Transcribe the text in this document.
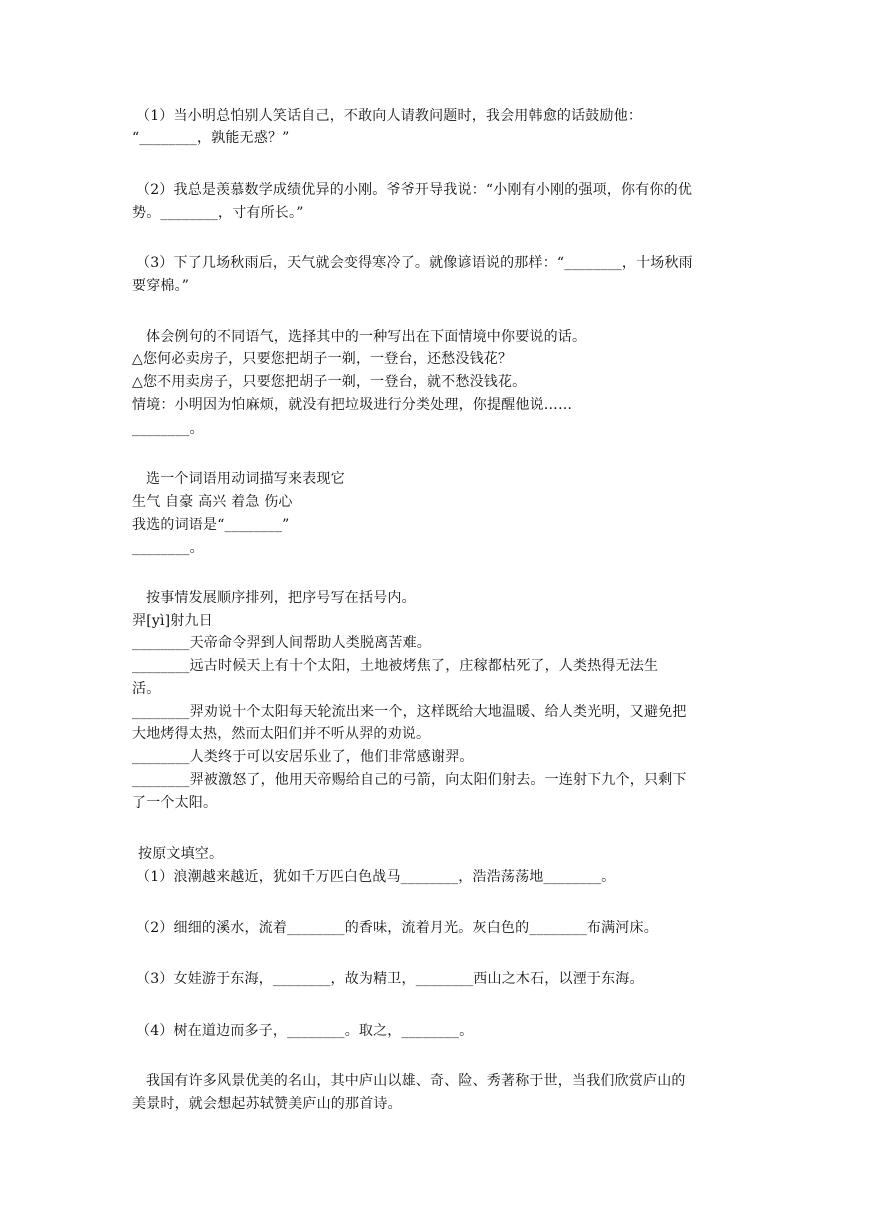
（1）当小明总怕别人笑话自己，不敢向人请教问题时，我会用韩愈的话鼓励他：
“________，孰能无惑？”
（2）我总是羡慕数学成绩优异的小刚。爷爷开导我说：“小刚有小刚的强项，你有你的优
势。________，寸有所长。”
（3）下了几场秋雨后，天气就会变得寒冷了。就像谚语说的那样：“________，十场秋雨
要穿棉。”
体会例句的不同语气，选择其中的一种写出在下面情境中你要说的话。
△您何必卖房子，只要您把胡子一剃，一登台，还愁没钱花？
△您不用卖房子，只要您把胡子一剃，一登台，就不愁没钱花。
情境：小明因为怕麻烦，就没有把垃圾进行分类处理，你提醒他说……
________。
选一个词语用动词描写来表现它
生气 自豪 高兴 着急 伤心
我选的词语是“________”
________。
按事情发展顺序排列，把序号写在括号内。
羿[yì]射九日
________天帝命令羿到人间帮助人类脱离苦难。
________远古时候天上有十个太阳，土地被烤焦了，庄稼都枯死了，人类热得无法生
活。
________羿劝说十个太阳每天轮流出来一个，这样既给大地温暖、给人类光明，又避免把
大地烤得太热，然而太阳们并不听从羿的劝说。
________人类终于可以安居乐业了，他们非常感谢羿。
________羿被激怒了，他用天帝赐给自己的弓箭，向太阳们射去。一连射下九个，只剩下
了一个太阳。
按原文填空。
（1）浪潮越来越近，犹如千万匹白色战马________，浩浩荡荡地________。
（2）细细的溪水，流着________的香味，流着月光。灰白色的________布满河床。
（3）女娃游于东海，________，故为精卫，________西山之木石，以湮于东海。
（4）树在道边而多子，________。取之，________。
我国有许多风景优美的名山，其中庐山以雄、奇、险、秀著称于世，当我们欣赏庐山的
美景时，就会想起苏轼赞美庐山的那首诗。
